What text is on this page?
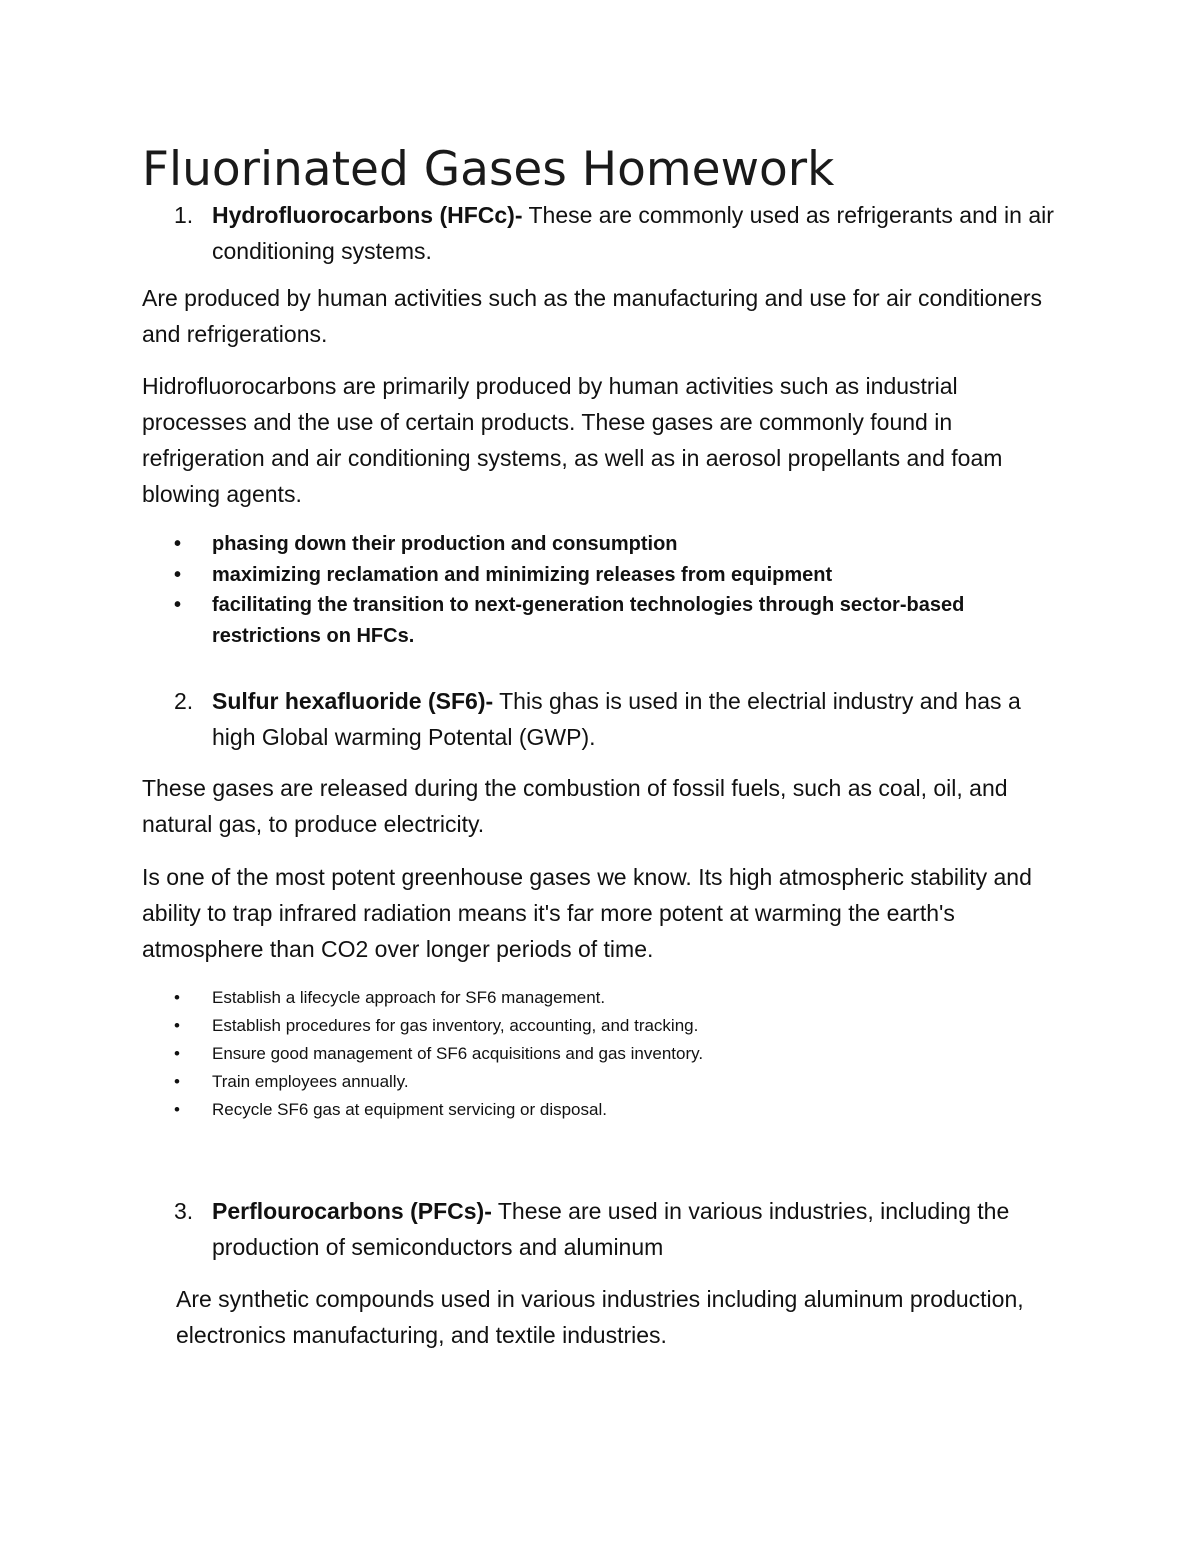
Fluorinated Gases Homework
1. Hydrofluorocarbons (HFCc)- These are commonly used as refrigerants and in air conditioning systems.

Are produced by human activities such as the manufacturing and use for air conditioners and refrigerations.

Hidrofluorocarbons are primarily produced by human activities such as industrial processes and the use of certain products. These gases are commonly found in refrigeration and air conditioning systems, as well as in aerosol propellants and foam blowing agents.

• phasing down their production and consumption
• maximizing reclamation and minimizing releases from equipment
• facilitating the transition to next-generation technologies through sector-based restrictions on HFCs.
2. Sulfur hexafluoride (SF6)- This ghas is used in the electrial industry and has a high Global warming Potental (GWP).

These gases are released during the combustion of fossil fuels, such as coal, oil, and natural gas, to produce electricity.

Is one of the most potent greenhouse gases we know. Its high atmospheric stability and ability to trap infrared radiation means it's far more potent at warming the earth's atmosphere than CO2 over longer periods of time.

• Establish a lifecycle approach for SF6 management.
• Establish procedures for gas inventory, accounting, and tracking.
• Ensure good management of SF6 acquisitions and gas inventory.
• Train employees annually.
• Recycle SF6 gas at equipment servicing or disposal.
3. Perflourocarbons (PFCs)- These are used in various industries, including the production of semiconductors and aluminum

Are synthetic compounds used in various industries including aluminum production, electronics manufacturing, and textile industries.
